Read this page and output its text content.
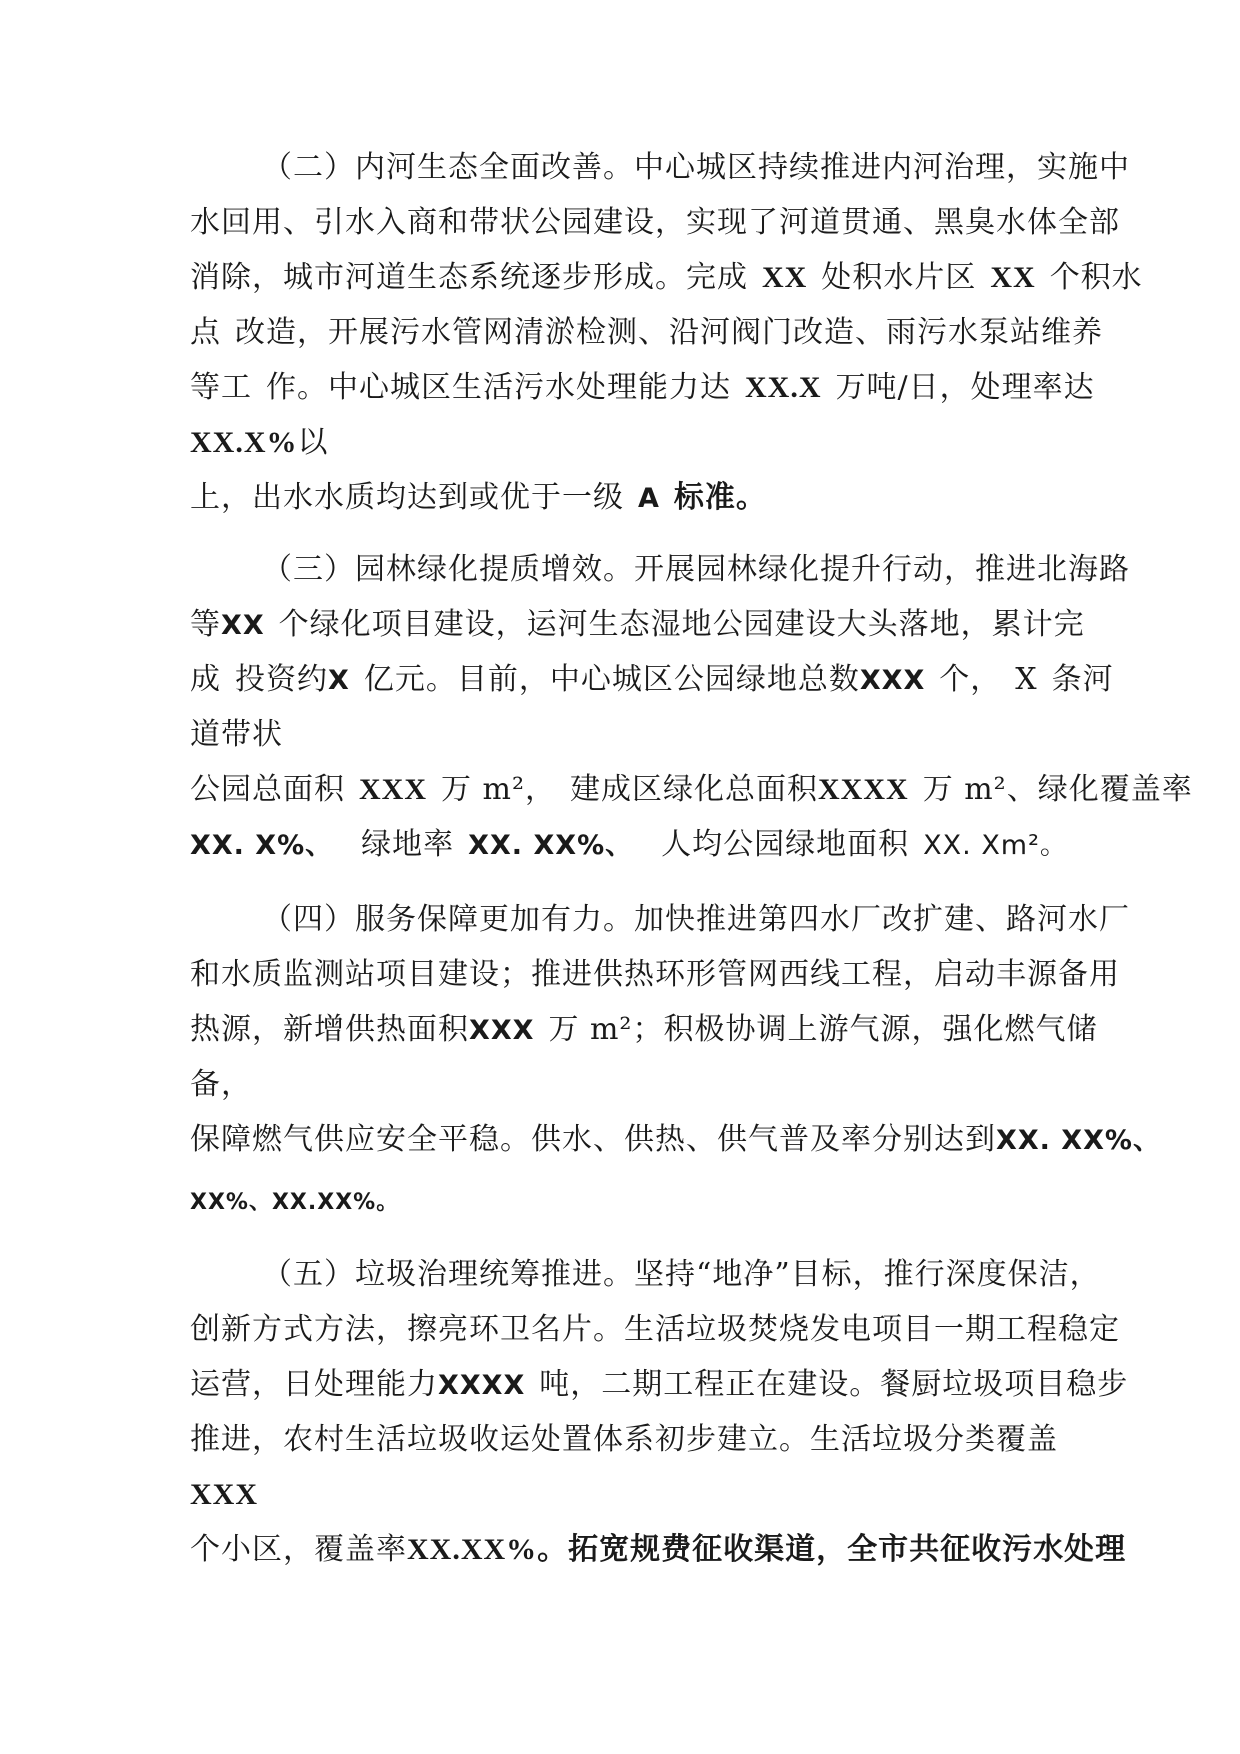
（二）内河生态全面改善。中心城区持续推进内河治理，实施中
水回用、引水入商和带状公园建设，实现了河道贯通、黑臭水体全部
消除，城市河道生态系统逐步形成。完成 XX 处积水片区 XX 个积水
点 改造，开展污水管网清淤检测、沿河阀门改造、雨污水泵站维养
等工 作。中心城区生活污水处理能力达 XX.X 万吨/日，处理率达
XX.X%以
上，出水水质均达到或优于一级 A 标准。
（三）园林绿化提质增效。开展园林绿化提升行动，推进北海路
等XX 个绿化项目建设，运河生态湿地公园建设大头落地，累计完
成 投资约X 亿元。目前，中心城区公园绿地总数XXX 个， X 条河
道带状
公园总面积 XXX 万 m²， 建成区绿化总面积XXXX 万 m²、绿化覆盖率
XX. X%、 绿地率 XX. XX%、 人均公园绿地面积 XX. Xm²。
（四）服务保障更加有力。加快推进第四水厂改扩建、路河水厂
和水质监测站项目建设；推进供热环形管网西线工程，启动丰源备用
热源，新增供热面积XXX 万 m²；积极协调上游气源，强化燃气储
备，
保障燃气供应安全平稳。供水、供热、供气普及率分别达到XX. XX%、
XX%、XX.XX%。
（五）垃圾治理统筹推进。坚持“地净”目标，推行深度保洁，
创新方式方法，擦亮环卫名片。生活垃圾焚烧发电项目一期工程稳定
运营，日处理能力XXXX 吨，二期工程正在建设。餐厨垃圾项目稳步
推进，农村生活垃圾收运处置体系初步建立。生活垃圾分类覆盖
XXX
个小区，覆盖率XX.XX%。拓宽规费征收渠道，全市共征收污水处理
